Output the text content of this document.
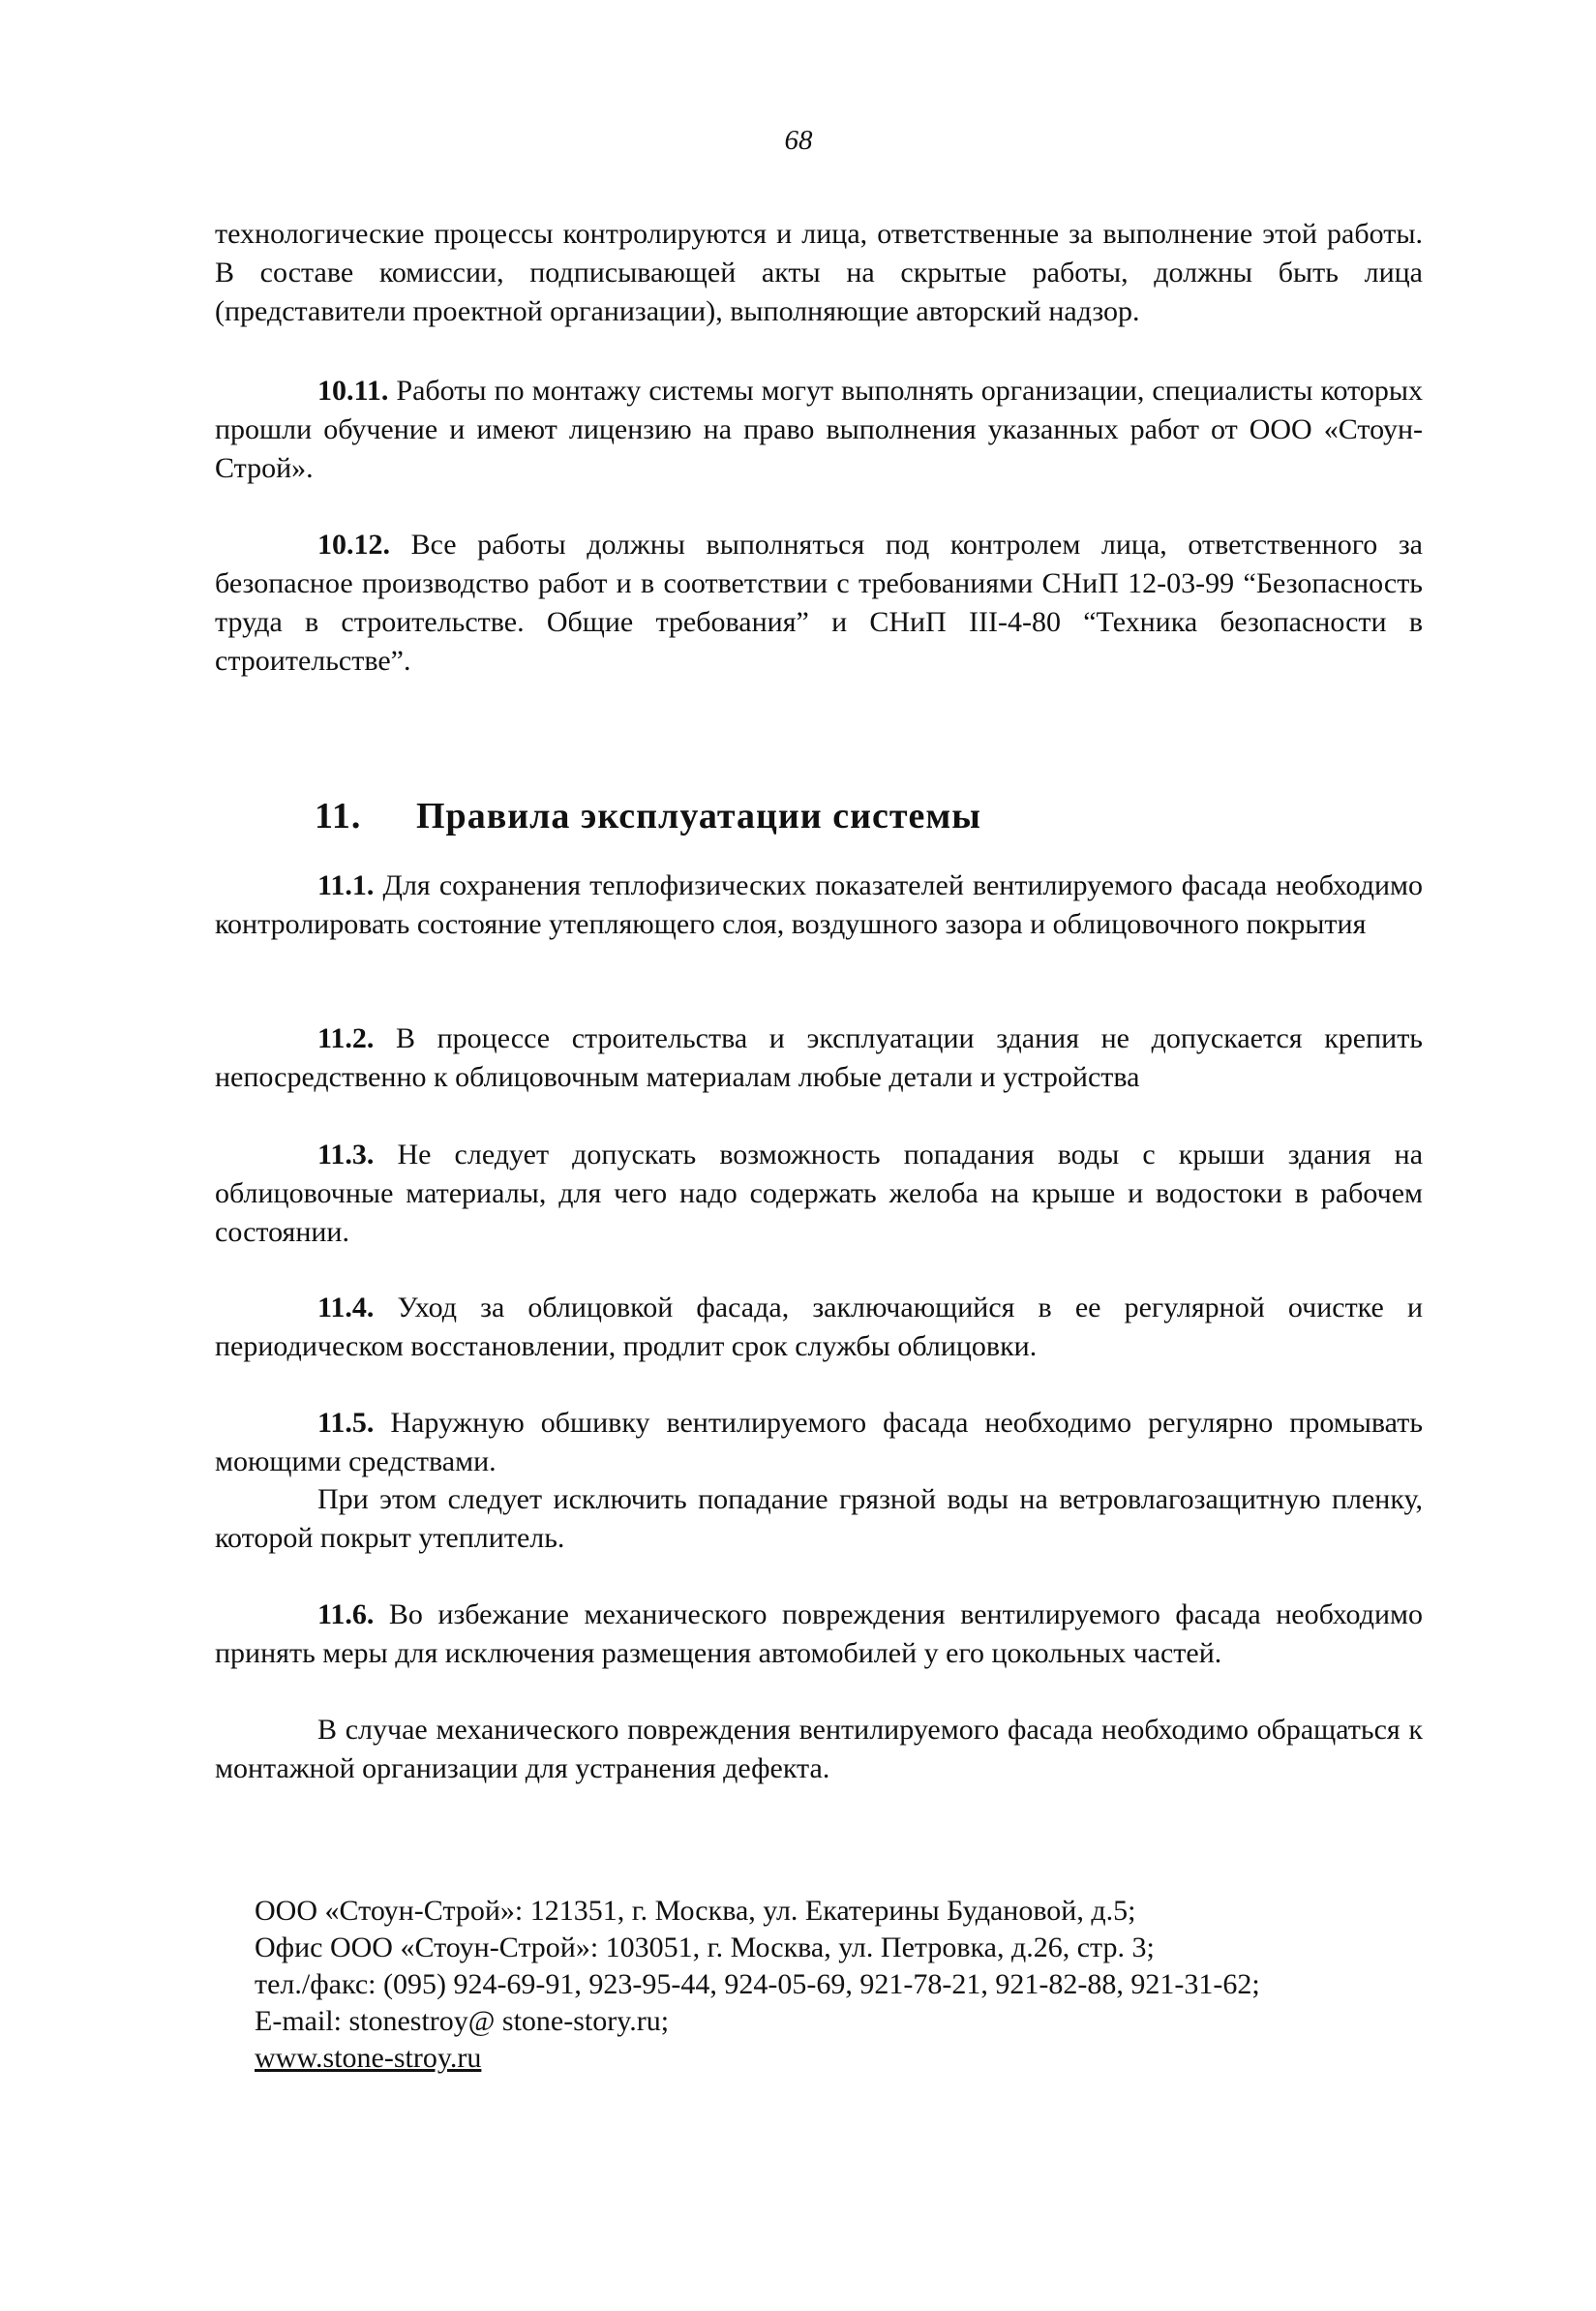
68
технологические процессы контролируются и лица, ответственные за выполнение этой работы. В составе комиссии, подписывающей акты на скрытые работы, должны быть лица (представители проектной организации), выполняющие авторский надзор.
10.11. Работы по монтажу системы могут выполнять организации, специалисты которых прошли обучение и имеют лицензию на право выполнения указанных работ от ООО «Стоун-Строй».
10.12. Все работы должны выполняться под контролем лица, ответственного за безопасное производство работ и в соответствии с требованиями СНиП 12-03-99 “Безопасность труда в строительстве. Общие требования” и СНиП III-4-80 “Техника безопасности в строительстве”.
11. Правила эксплуатации системы
11.1. Для сохранения теплофизических показателей вентилируемого фасада необходимо контролировать состояние утепляющего слоя, воздушного зазора и облицовочного покрытия
11.2. В процессе строительства и эксплуатации здания не допускается крепить непосредственно к облицовочным материалам любые детали и устройства
11.3. Не следует допускать возможность попадания воды с крыши здания на облицовочные материалы, для чего надо содержать желоба на крыше и водостоки в рабочем состоянии.
11.4. Уход за облицовкой фасада, заключающийся в ее регулярной очистке и периодическом восстановлении, продлит срок службы облицовки.
11.5. Наружную обшивку вентилируемого фасада необходимо регулярно промывать моющими средствами.
При этом следует исключить попадание грязной воды на ветровлагозащитную пленку, которой покрыт утеплитель.
11.6. Во избежание механического повреждения вентилируемого фасада необходимо принять меры для исключения размещения автомобилей у его цокольных частей.
В случае механического повреждения вентилируемого фасада необходимо обращаться к монтажной организации для устранения дефекта.
ООО «Стоун-Строй»: 121351, г. Москва, ул. Екатерины Будановой, д.5;
Офис ООО «Стоун-Строй»: 103051, г. Москва, ул. Петровка, д.26, стр. 3;
тел./факс: (095) 924-69-91, 923-95-44, 924-05-69, 921-78-21, 921-82-88, 921-31-62;
E-mail: stonestroy@ stone-story.ru;
www.stone-stroy.ru
